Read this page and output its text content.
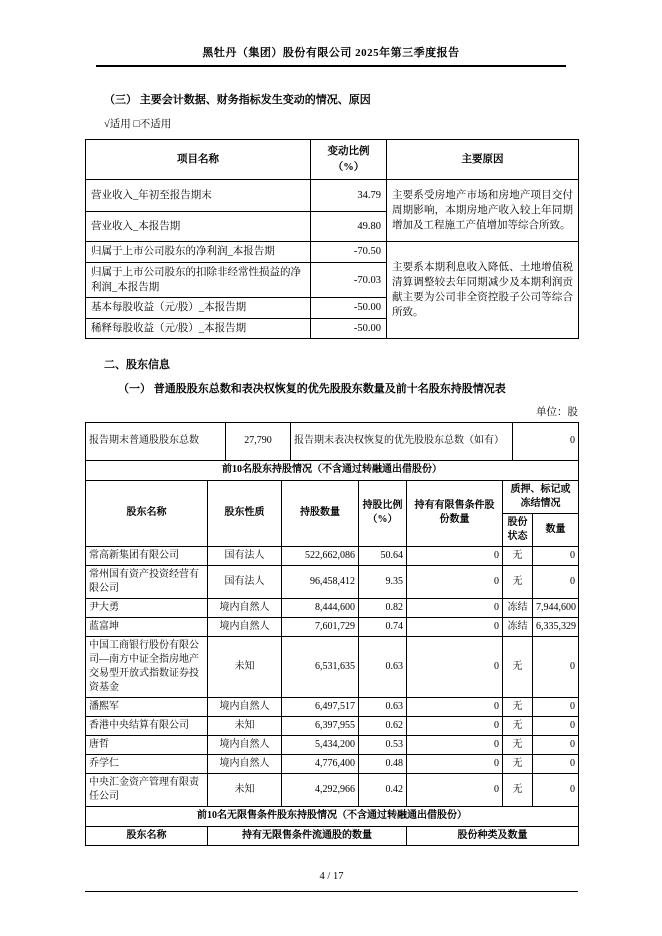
黑牡丹（集团）股份有限公司 2025年第三季度报告
（三） 主要会计数据、财务指标发生变动的情况、原因
√适用 □不适用
项目名称	变动比例（%）	主要原因
营业收入_年初至报告期末	34.79	主要系受房地产市场和房地产项目交付周期影响，本期房地产收入较上年同期增加及工程施工产值增加等综合所致。
营业收入_本报告期	49.80	
归属于上市公司股东的净利润_本报告期	-70.50	主要系本期利息收入降低、土地增值税清算调整较去年同期减少及本期利润贡献主要为公司非全资控股子公司等综合所致。
归属于上市公司股东的扣除非经常性损益的净利润_本报告期	-70.03	
基本每股收益（元/股）_本报告期	-50.00	
稀释每股收益（元/股）_本报告期	-50.00	
二、股东信息
（一） 普通股股东总数和表决权恢复的优先股股东数量及前十名股东持股情况表
单位：股
报告期末普通股股东总数	27,790	报告期末表决权恢复的优先股股东总数（如有）	0
前10名股东持股情况（不含通过转融通出借股份）						
股东名称	股东性质	持股数量	持股比例（%）	持有有限售条件股份数量	质押、标记或冻结情况	
					股份状态	数量
常高新集团有限公司	国有法人	522,662,086	50.64	0	无	0
常州国有资产投资经营有限公司	国有法人	96,458,412	9.35	0	无	0
尹大勇	境内自然人	8,444,600	0.82	0	冻结	7,944,600
蓝富坤	境内自然人	7,601,729	0.74	0	冻结	6,335,329
中国工商银行股份有限公司—南方中证全指房地产交易型开放式指数证券投资基金	未知	6,531,635	0.63	0	无	0
潘熙军	境内自然人	6,497,517	0.63	0	无	0
香港中央结算有限公司	未知	6,397,955	0.62	0	无	0
唐哲	境内自然人	5,434,200	0.53	0	无	0
乔学仁	境内自然人	4,776,400	0.48	0	无	0
中央汇金资产管理有限责任公司	未知	4,292,966	0.42	0	无	0
前10名无限售条件股东持股情况（不含通过转融通出借股份）						
股东名称	持有无限售条件流通股的数量			股份种类及数量		
4 / 17
